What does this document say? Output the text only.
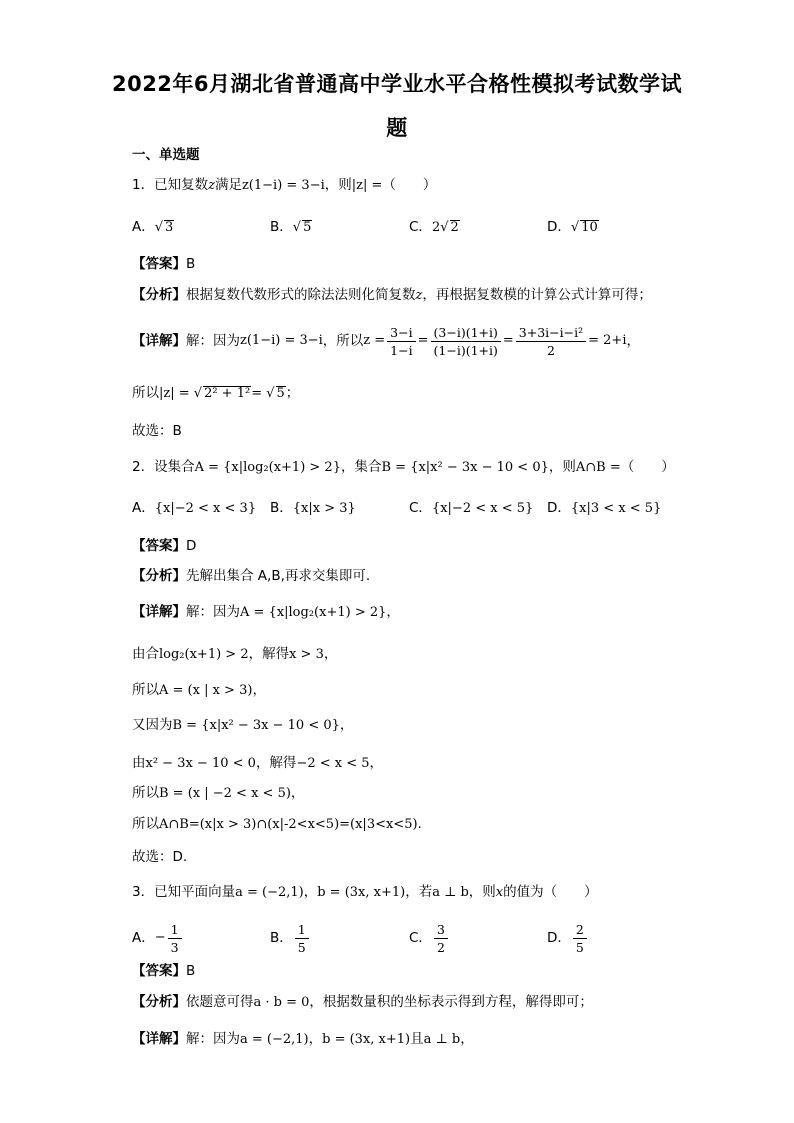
2022年6月湖北省普通高中学业水平合格性模拟考试数学试
题
一、单选题
1．已知复数z满足z(1−i) = 3−i，则|z| =（　　）
A．√ 3	B．√ 5	C．2√ 2	D．√ 10
【答案】B
【分析】根据复数代数形式的除法法则化简复数z，再根据复数模的计算公式计算可得；
【详解】 解：因为 z(1−i) = 3−i ，所以 $z = \frac{3-i}{1-i} = \frac{(3-i)(1+i)}{(1-i)(1+i)} = \frac{\text{3+3i−i−i²}}{2} = 2+i$ ，
所以|z| = √ 2² + 1²= √ 5；
故选：B
2．设集合A = {x|log₂(x+1) > 2}，集合B = {x|x² − 3x − 10 < 0}，则A∩B =（　　）
A．{x|−2 < x < 3} B．{x|x > 3}	C．{x|−2 < x < 5} D．{x|3 < x < 5}
【答案】D
【分析】先解出集合 A,B,再求交集即可.
【详解】解：因为A = {x|log₂(x+1) > 2}，
由合log₂(x+1) > 2，解得x > 3，
所以A = (x | x > 3)，
又因为B = {x|x² − 3x − 10 < 0}，
由x² − 3x − 10 < 0，解得−2 < x < 5，
所以B = (x | −2 < x < 5)，
所以A∩B=(x|x > 3)∩(x|-2<x<5)=(x|3<x<5).
故选：D.
3．已知平面向量a = (−2,1)，b = (3x, x+1)，若a ⊥ b，则x的值为（　　）
A． − $\frac{1}{3}$	B． $\frac{1}{5}$	C． $\frac{3}{2}$	D． $\frac{2}{5}$
【答案】B
【分析】依题意可得a · b = 0，根据数量积的坐标表示得到方程，解得即可；
【详解】解：因为a = (−2,1)，b = (3x, x+1)且a ⊥ b，
